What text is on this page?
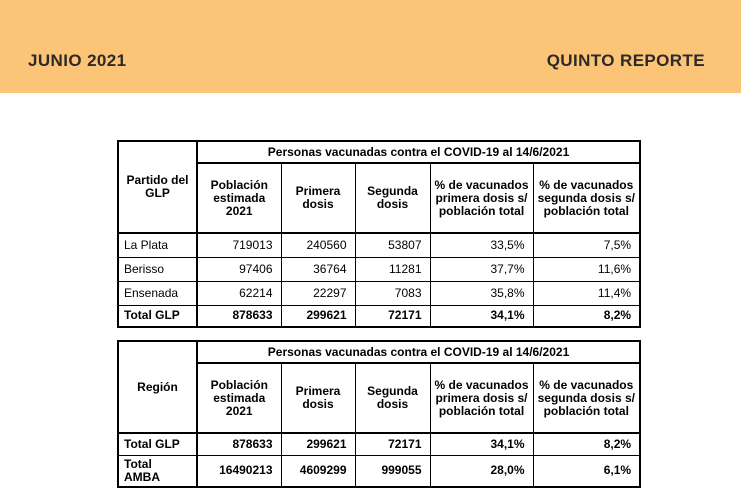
JUNIO 2021	QUINTO REPORTE
Partido del GLP	Personas vacunadas contra el COVID-19 al 14/6/2021				
	Población estimada 2021	Primera dosis	Segunda dosis	% de vacunados primera dosis s/ población total	% de vacunados segunda dosis s/ población total
La Plata	719013	240560	53807	33,5%	7,5%
Berisso	97406	36764	11281	37,7%	11,6%
Ensenada	62214	22297	7083	35,8%	11,4%
Total GLP	878633	299621	72171	34,1%	8,2%
Región	Personas vacunadas contra el COVID-19 al 14/6/2021				
	Población estimada 2021	Primera dosis	Segunda dosis	% de vacunados primera dosis s/ población total	% de vacunados segunda dosis s/ población total
Total GLP	878633	299621	72171	34,1%	8,2%
Total AMBA	16490213	4609299	999055	28,0%	6,1%
